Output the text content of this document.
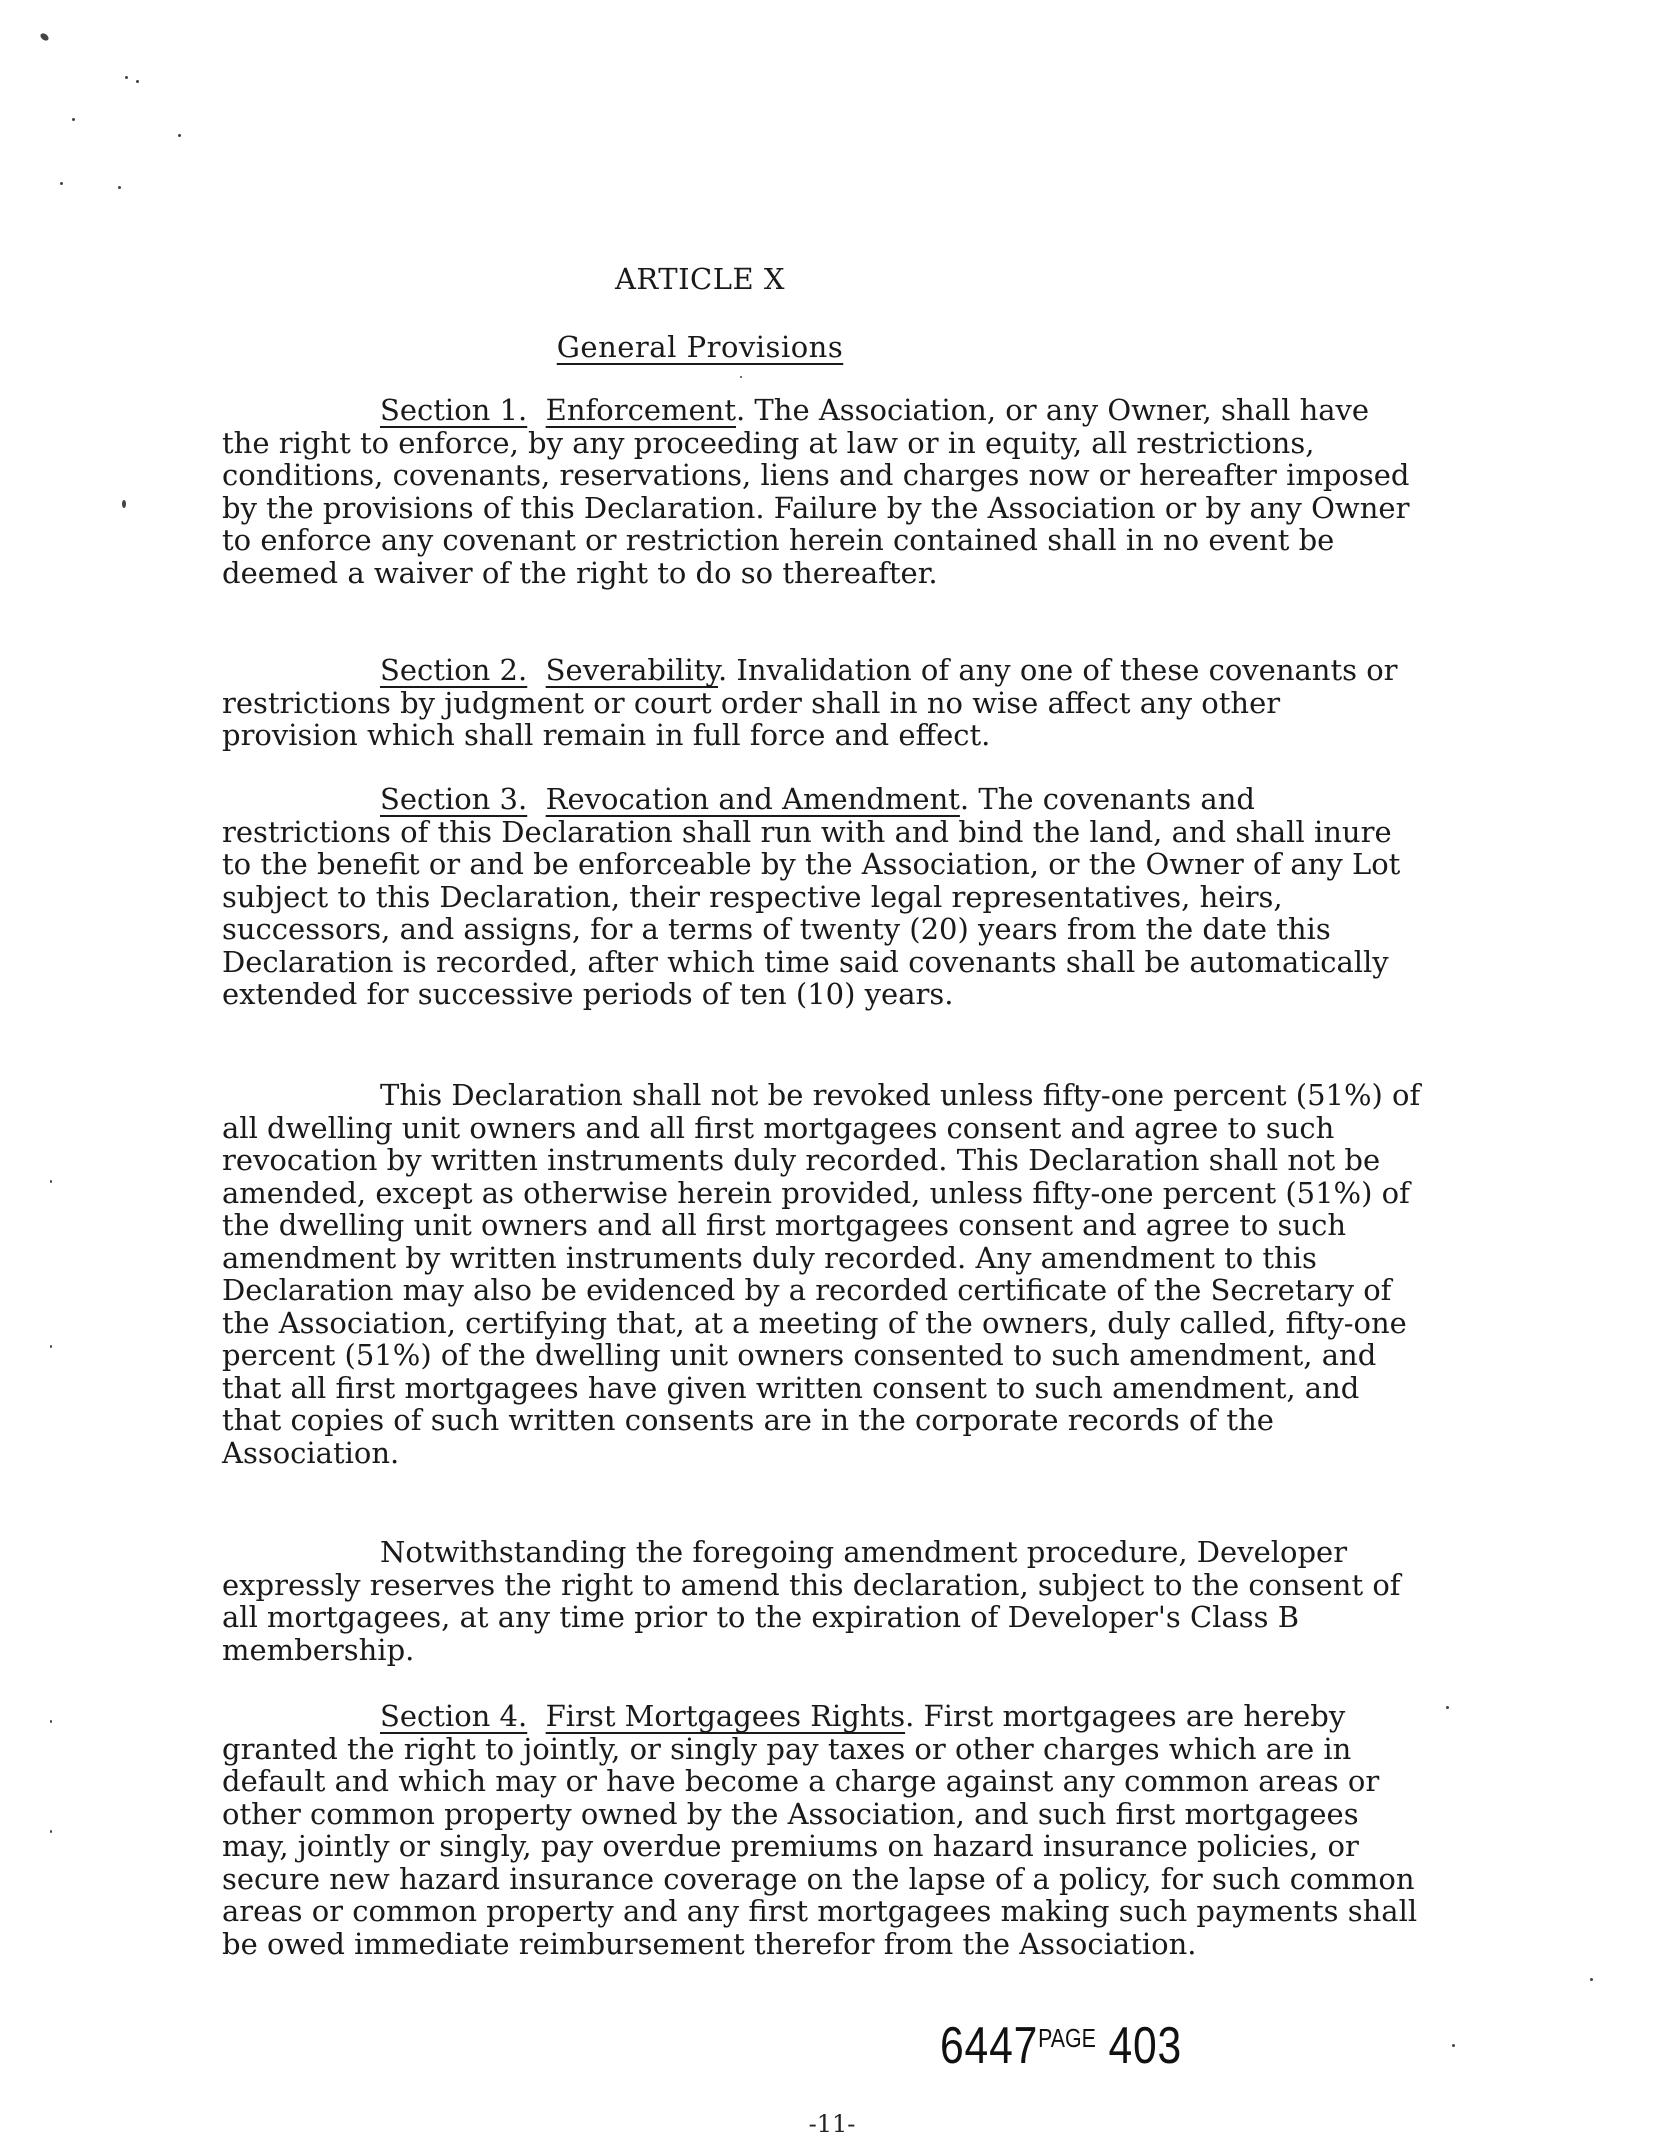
ARTICLE X
General Provisions
Section 1. Enforcement. The Association, or any Owner, shall have the right to enforce, by any proceeding at law or in equity, all restrictions, conditions, covenants, reservations, liens and charges now or hereafter imposed by the provisions of this Declaration. Failure by the Association or by any Owner to enforce any covenant or restriction herein contained shall in no event be deemed a waiver of the right to do so thereafter.
Section 2. Severability. Invalidation of any one of these covenants or restrictions by judgment or court order shall in no wise affect any other provision which shall remain in full force and effect.
Section 3. Revocation and Amendment. The covenants and restrictions of this Declaration shall run with and bind the land, and shall inure to the benefit or and be enforceable by the Association, or the Owner of any Lot subject to this Declaration, their respective legal representatives, heirs, successors, and assigns, for a terms of twenty (20) years from the date this Declaration is recorded, after which time said covenants shall be automatically extended for successive periods of ten (10) years.
This Declaration shall not be revoked unless fifty-one percent (51%) of all dwelling unit owners and all first mortgagees consent and agree to such revocation by written instruments duly recorded. This Declaration shall not be amended, except as otherwise herein provided, unless fifty-one percent (51%) of the dwelling unit owners and all first mortgagees consent and agree to such amendment by written instruments duly recorded. Any amendment to this Declaration may also be evidenced by a recorded certificate of the Secretary of the Association, certifying that, at a meeting of the owners, duly called, fifty-one percent (51%) of the dwelling unit owners consented to such amendment, and that all first mortgagees have given written consent to such amendment, and that copies of such written consents are in the corporate records of the Association.
Notwithstanding the foregoing amendment procedure, Developer expressly reserves the right to amend this declaration, subject to the consent of all mortgagees, at any time prior to the expiration of Developer's Class B membership.
Section 4. First Mortgagees Rights. First mortgagees are hereby granted the right to jointly, or singly pay taxes or other charges which are in default and which may or have become a charge against any common areas or other common property owned by the Association, and such first mortgagees may, jointly or singly, pay overdue premiums on hazard insurance policies, or secure new hazard insurance coverage on the lapse of a policy, for such common areas or common property and any first mortgagees making such payments shall be owed immediate reimbursement therefor from the Association.
$6447^{PAGE}$ 403
-11-
